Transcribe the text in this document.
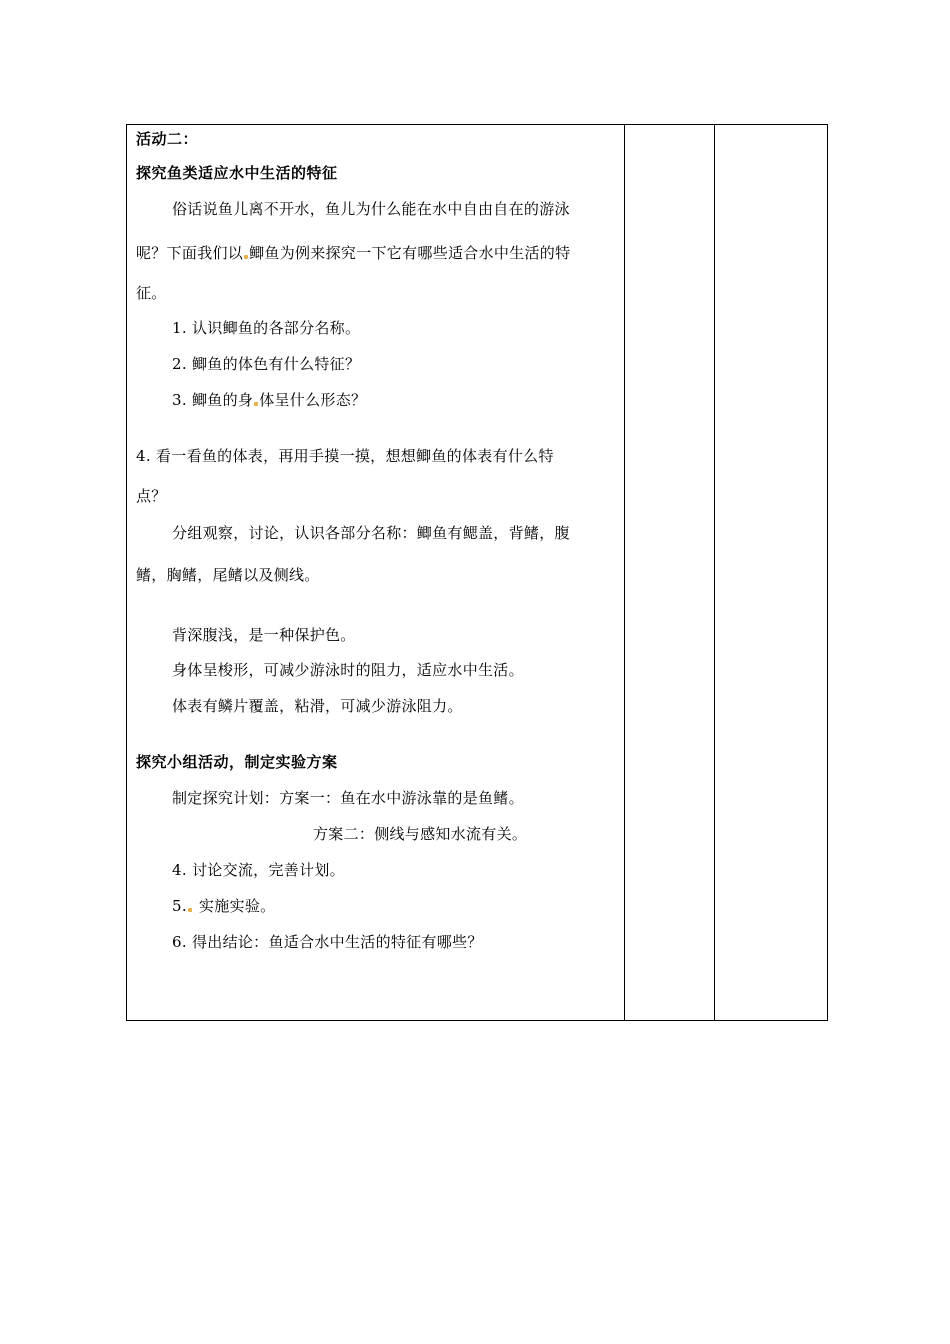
活动二：
探究鱼类适应水中生活的特征
俗话说鱼儿离不开水，鱼儿为什么能在水中自由自在的游泳
呢？下面我们以 鲫鱼为例来探究一下它有哪些适合水中生活的特
征。
1. 认识鲫鱼的各部分名称。
2. 鲫鱼的体色有什么特征？
3. 鲫鱼的身 体呈什么形态？
4. 看一看鱼的体表，再用手摸一摸，想想鲫鱼的体表有什么特
点？
分组观察，讨论，认识各部分名称：鲫鱼有鳃盖，背鳍，腹
鳍，胸鳍，尾鳍以及侧线。
背深腹浅，是一种保护色。
身体呈梭形，可减少游泳时的阻力，适应水中生活。
体表有鳞片覆盖，粘滑，可减少游泳阻力。
探究小组活动，制定实验方案
制定探究计划：方案一：鱼在水中游泳靠的是鱼鳍。
方案二：侧线与感知水流有关。
4. 讨论交流，完善计划。
5. 实施实验。
6. 得出结论：鱼适合水中生活的特征有哪些？
